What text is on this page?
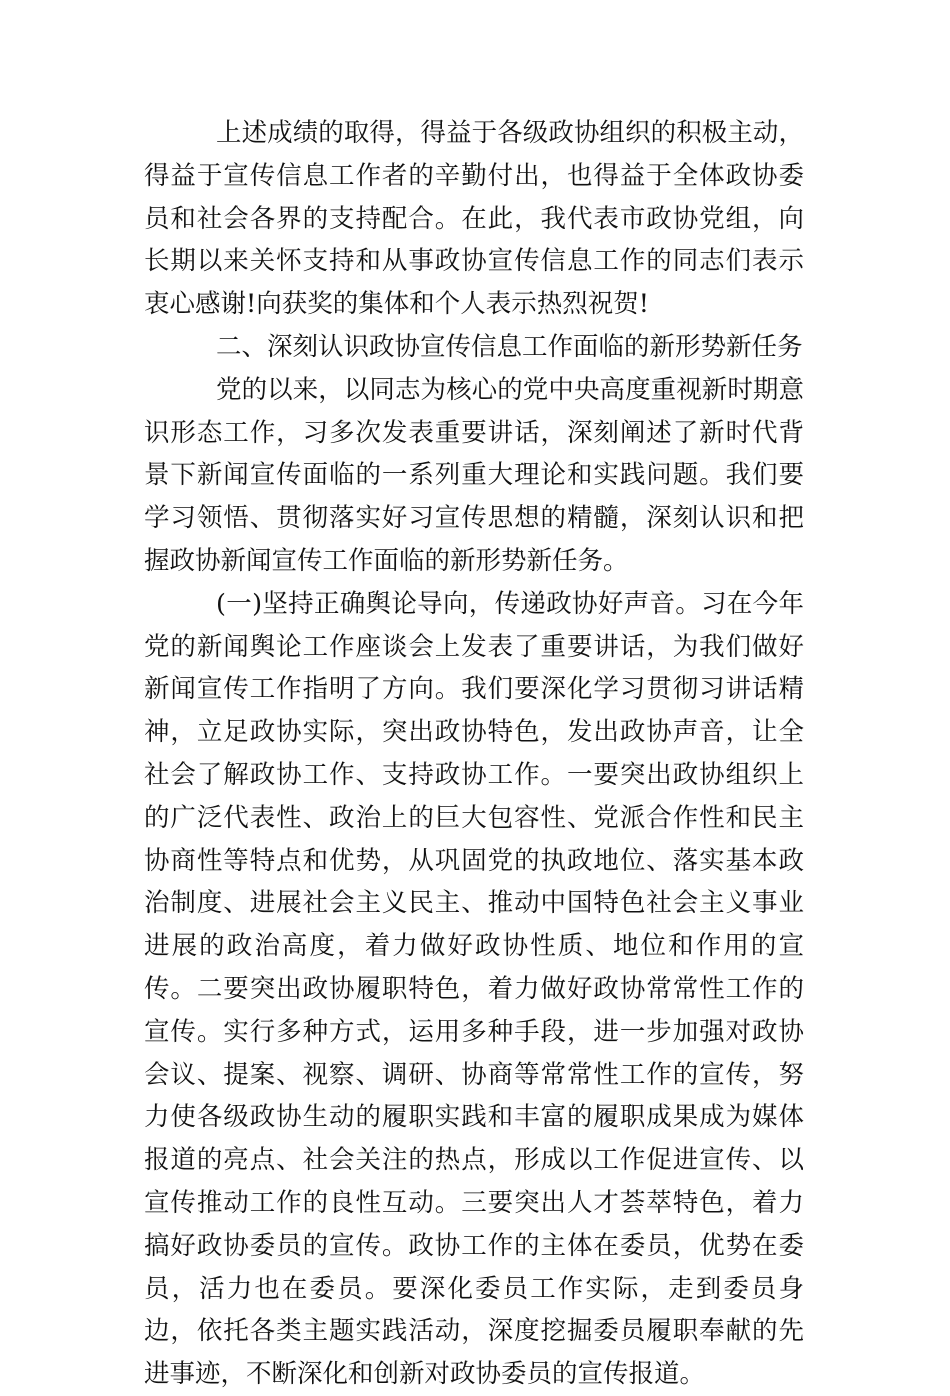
上述成绩的取得，得益于各级政协组织的积极主动，得益于宣传信息工作者的辛勤付出，也得益于全体政协委员和社会各界的支持配合。在此，我代表市政协党组，向长期以来关怀支持和从事政协宣传信息工作的同志们表示衷心感谢!向获奖的集体和个人表示热烈祝贺!

二、深刻认识政协宣传信息工作面临的新形势新任务

党的以来，以同志为核心的党中央高度重视新时期意识形态工作，习多次发表重要讲话，深刻阐述了新时代背景下新闻宣传面临的一系列重大理论和实践问题。我们要学习领悟、贯彻落实好习宣传思想的精髓，深刻认识和把握政协新闻宣传工作面临的新形势新任务。

(一)坚持正确舆论导向，传递政协好声音。习在今年党的新闻舆论工作座谈会上发表了重要讲话，为我们做好新闻宣传工作指明了方向。我们要深化学习贯彻习讲话精神，立足政协实际，突出政协特色，发出政协声音，让全社会了解政协工作、支持政协工作。一要突出政协组织上的广泛代表性、政治上的巨大包容性、党派合作性和民主协商性等特点和优势，从巩固党的执政地位、落实基本政治制度、进展社会主义民主、推动中国特色社会主义事业进展的政治高度，着力做好政协性质、地位和作用的宣传。二要突出政协履职特色，着力做好政协常常性工作的宣传。实行多种方式，运用多种手段，进一步加强对政协会议、提案、视察、调研、协商等常常性工作的宣传，努力使各级政协生动的履职实践和丰富的履职成果成为媒体报道的亮点、社会关注的热点，形成以工作促进宣传、以宣传推动工作的良性互动。三要突出人才荟萃特色，着力搞好政协委员的宣传。政协工作的主体在委员，优势在委员，活力也在委员。要深化委员工作实际，走到委员身边，依托各类主题实践活动，深度挖掘委员履职奉献的先进事迹，不断深化和创新对政协委员的宣传报道。
